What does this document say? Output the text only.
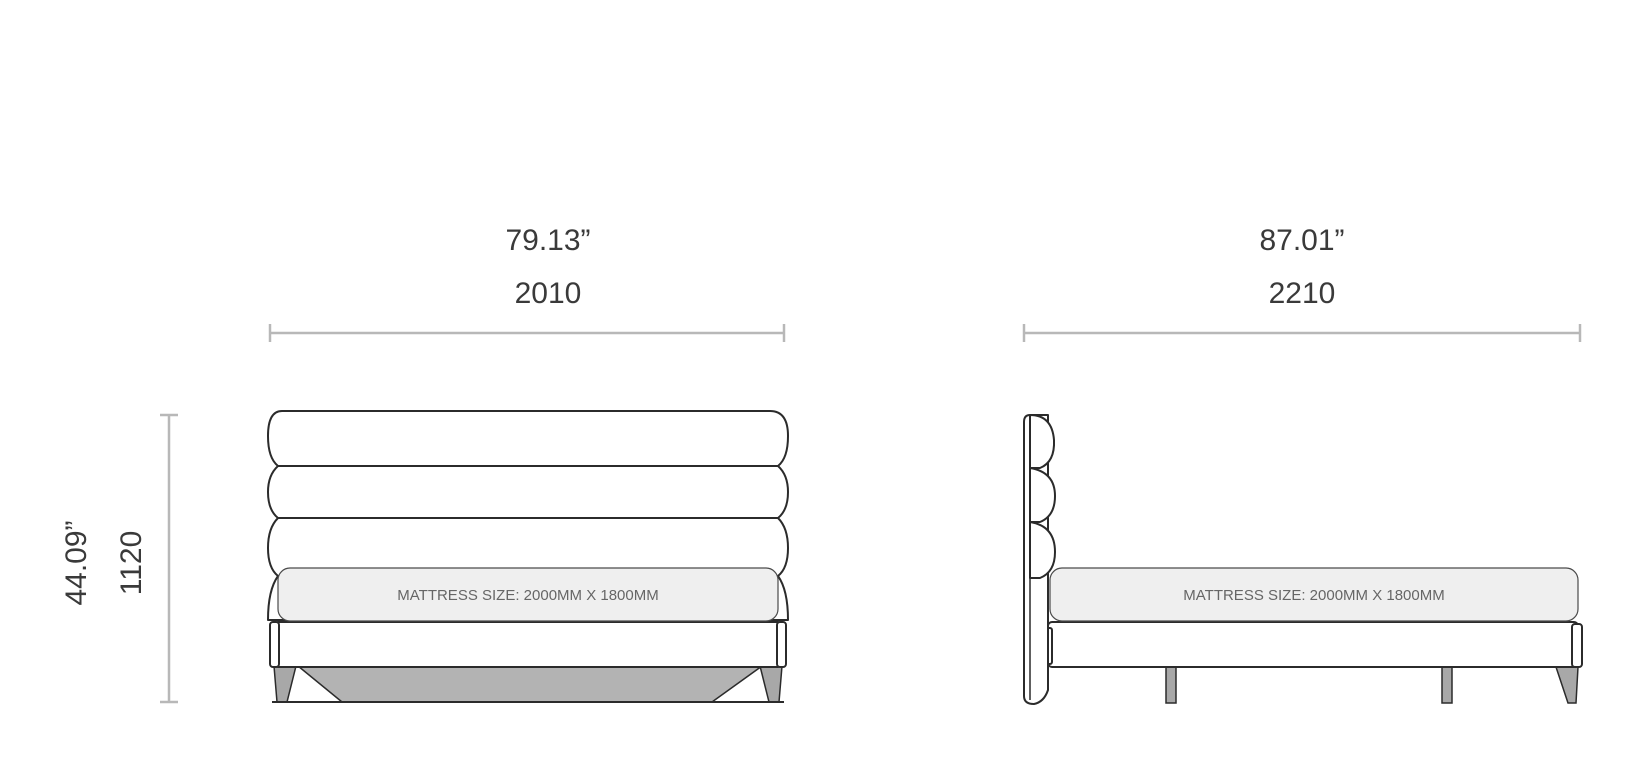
79.13”
2010
MATTRESS SIZE: 2000MM X 1800MM
44.09” 1120
87.01”
2210
MATTRESS SIZE: 2000MM X 1800MM
